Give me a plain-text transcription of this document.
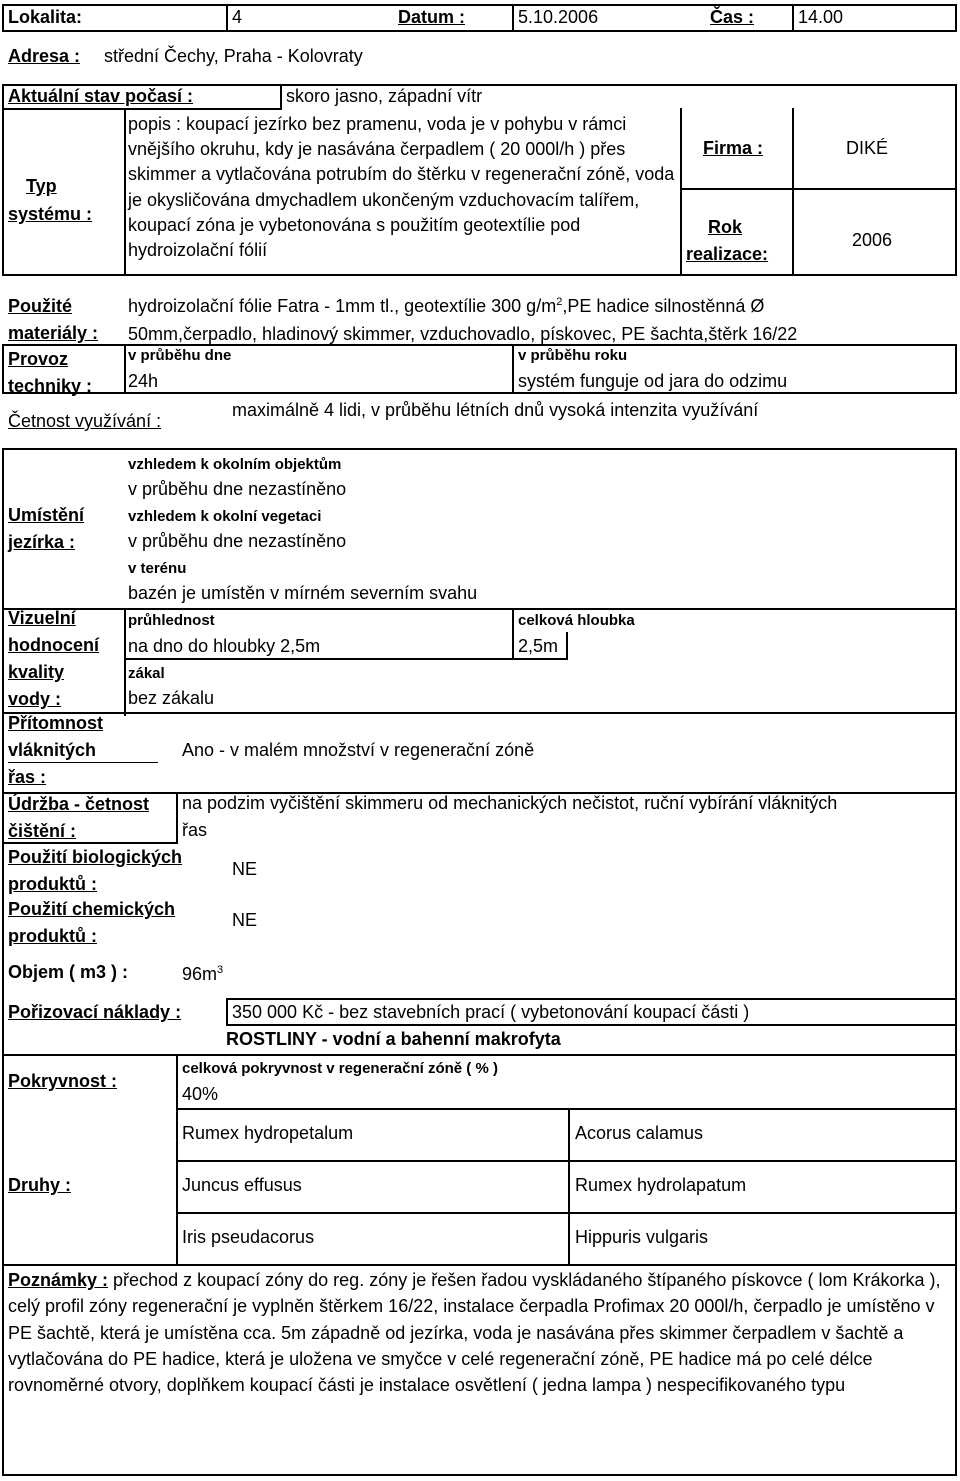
Lokalita:	4	Datum :	5.10.2006	Čas : 14.00
Adresa : střední Čechy, Praha - Kolovraty
Aktuální stav počasí :	skoro jasno, západní vítr
Typ
systému :
popis : koupací jezírko bez pramenu, voda je v pohybu v rámci vnějšího okruhu, kdy je nasávána čerpadlem ( 20 000l/h ) přes skimmer a vytlačována potrubím do štěrku v regenerační zóně, voda je okysličována dmychadlem ukončeným vzduchovacím talířem, koupací zóna je vybetonována s použitím geotextílie pod hydroizolační fólií
Firma :	DIKÉ
Rok
realizace:
2006
Použité
materiály :
hydroizolační fólie Fatra - 1mm tl., geotextílie 300 $g/m^2,PE$ hadice silnostěnná Ø
50mm,čerpadlo, hladinový skimmer, vzduchovadlo, pískovec, PE šachta,štěrk 16/22
Provoz
techniky :
v průběhu dne
24h
v průběhu roku
systém funguje od jara do odzimu
Četnost využívání :
maximálně 4 lidi, v průběhu létních dnů vysoká intenzita využívání
Umístění
jezírka :
vzhledem k okolním objektům
v průběhu dne nezastíněno
vzhledem k okolní vegetaci
v průběhu dne nezastíněno
v terénu
bazén je umístěn v mírném severním svahu
Vizuelní
hodnocení
kvality
vody :
průhlednost
na dno do hloubky 2,5m
celková hloubka
2,5m
zákal
bez zákalu
Přítomnost
vláknitých
řas :
Ano - v malém množství v regenerační zóně
Údržba - četnost
čištění :
na podzim vyčištění skimmeru od mechanických nečistot, ruční vybírání vláknitých
řas
Použití biologických
produktů :
NE
Použití chemických
produktů :
NE
Objem ( m3 ) :	$96m^3$
Pořizovací náklady :	350 000 Kč - bez stavebních prací ( vybetonování koupací části )
ROSTLINY - vodní a bahenní makrofyta
Pokryvnost :
celková pokryvnost v regenerační zóně ( % )
40%
Druhy :
Rumex hydropetalum	Acorus calamus
Juncus effusus	Rumex hydrolapatum
Iris pseudacorus	Hippuris vulgaris
Poznámky : přechod z koupací zóny do reg. zóny je řešen řadou vyskládaného štípaného pískovce ( lom Krákorka ), celý profil zóny regenerační je vyplněn štěrkem 16/22, instalace čerpadla Profimax 20 000l/h, čerpadlo je umístěno v PE šachtě, která je umístěna cca. 5m západně od jezírka, voda je nasávána přes skimmer čerpadlem v šachtě a vytlačována do PE hadice, která je uložena ve smyčce v celé regenerační zóně, PE hadice má po celé délce rovnoměrné otvory, doplňkem koupací části je instalace osvětlení ( jedna lampa ) nespecifikovaného typu
